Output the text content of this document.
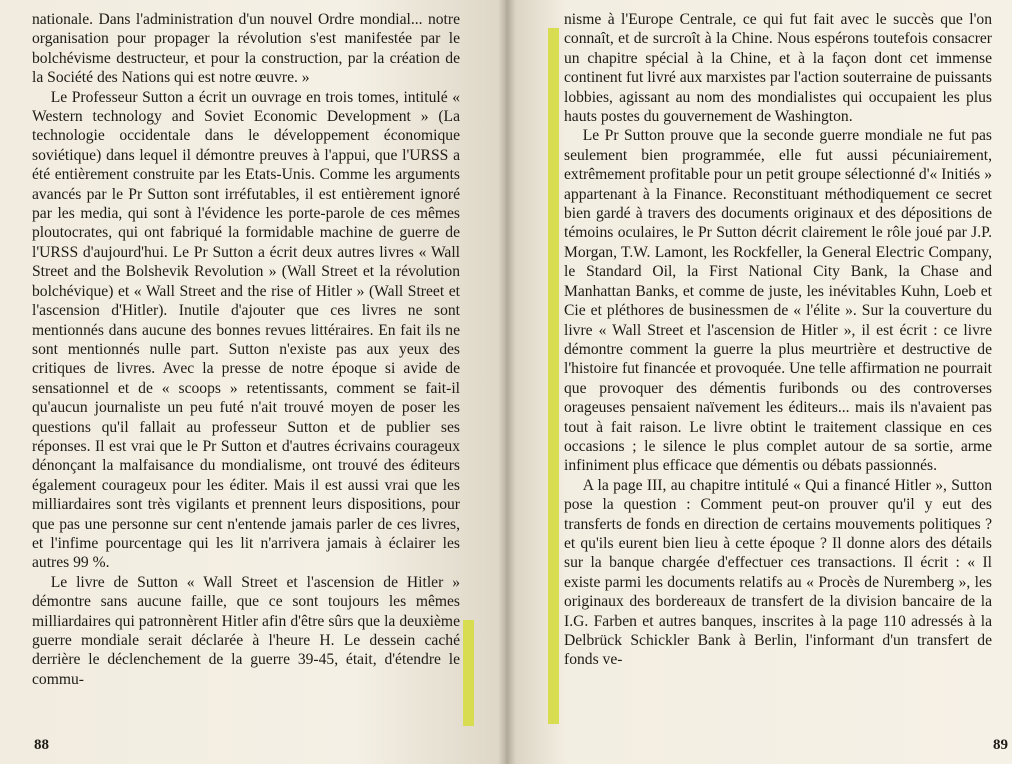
nationale. Dans l'administration d'un nouvel Ordre mondial... notre organisation pour propager la révolution s'est manifestée par le bolchévisme destructeur, et pour la construction, par la création de la Société des Nations qui est notre œuvre. »

Le Professeur Sutton a écrit un ouvrage en trois tomes, intitulé « Western technology and Soviet Economic Development » (La technologie occidentale dans le développement économique soviétique) dans lequel il démontre preuves à l'appui, que l'URSS a été entièrement construite par les Etats-Unis. Comme les arguments avancés par le Pr Sutton sont irréfutables, il est entièrement ignoré par les media, qui sont à l'évidence les porte-parole de ces mêmes ploutocrates, qui ont fabriqué la formidable machine de guerre de l'URSS d'aujourd'hui. Le Pr Sutton a écrit deux autres livres « Wall Street and the Bolshevik Revolution » (Wall Street et la révolution bolchévique) et « Wall Street and the rise of Hitler » (Wall Street et l'ascension d'Hitler). Inutile d'ajouter que ces livres ne sont mentionnés dans aucune des bonnes revues littéraires. En fait ils ne sont mentionnés nulle part. Sutton n'existe pas aux yeux des critiques de livres. Avec la presse de notre époque si avide de sensationnel et de « scoops » retentissants, comment se fait-il qu'aucun journaliste un peu futé n'ait trouvé moyen de poser les questions qu'il fallait au professeur Sutton et de publier ses réponses. Il est vrai que le Pr Sutton et d'autres écrivains courageux dénonçant la malfaisance du mondialisme, ont trouvé des éditeurs également courageux pour les éditer. Mais il est aussi vrai que les milliardaires sont très vigilants et prennent leurs dispositions, pour que pas une personne sur cent n'entende jamais parler de ces livres, et l'infime pourcentage qui les lit n'arrivera jamais à éclairer les autres 99 %.

Le livre de Sutton « Wall Street et l'ascension de Hitler » démontre sans aucune faille, que ce sont toujours les mêmes milliardaires qui patronnèrent Hitler afin d'être sûrs que la deuxième guerre mondiale serait déclarée à l'heure H. Le dessein caché derrière le déclenchement de la guerre 39-45, était, d'étendre le commu-

88

nisme à l'Europe Centrale, ce qui fut fait avec le succès que l'on connaît, et de surcroît à la Chine. Nous espérons toutefois consacrer un chapitre spécial à la Chine, et à la façon dont cet immense continent fut livré aux marxistes par l'action souterraine de puissants lobbies, agissant au nom des mondialistes qui occupaient les plus hauts postes du gouvernement de Washington.

Le Pr Sutton prouve que la seconde guerre mondiale ne fut pas seulement bien programmée, elle fut aussi pécuniairement, extrêmement profitable pour un petit groupe sélectionné d'« Initiés » appartenant à la Finance. Reconstituant méthodiquement ce secret bien gardé à travers des documents originaux et des dépositions de témoins oculaires, le Pr Sutton décrit clairement le rôle joué par J.P. Morgan, T.W. Lamont, les Rockfeller, la General Electric Company, le Standard Oil, la First National City Bank, la Chase and Manhattan Banks, et comme de juste, les inévitables Kuhn, Loeb et Cie et pléthores de businessmen de « l'élite ». Sur la couverture du livre « Wall Street et l'ascension de Hitler », il est écrit : ce livre démontre comment la guerre la plus meurtrière et destructive de l'histoire fut financée et provoquée. Une telle affirmation ne pourrait que provoquer des démentis furibonds ou des controverses orageuses pensaient naïvement les éditeurs... mais ils n'avaient pas tout à fait raison. Le livre obtint le traitement classique en ces occasions ; le silence le plus complet autour de sa sortie, arme infiniment plus efficace que démentis ou débats passionnés.

A la page III, au chapitre intitulé « Qui a financé Hitler », Sutton pose la question : Comment peut-on prouver qu'il y eut des transferts de fonds en direction de certains mouvements politiques ? et qu'ils eurent bien lieu à cette époque ? Il donne alors des détails sur la banque chargée d'effectuer ces transactions. Il écrit : « Il existe parmi les documents relatifs au « Procès de Nuremberg », les originaux des bordereaux de transfert de la division bancaire de la I.G. Farben et autres banques, inscrites à la page 110 adressés à la Delbrück Schickler Bank à Berlin, l'informant d'un transfert de fonds ve-

89
